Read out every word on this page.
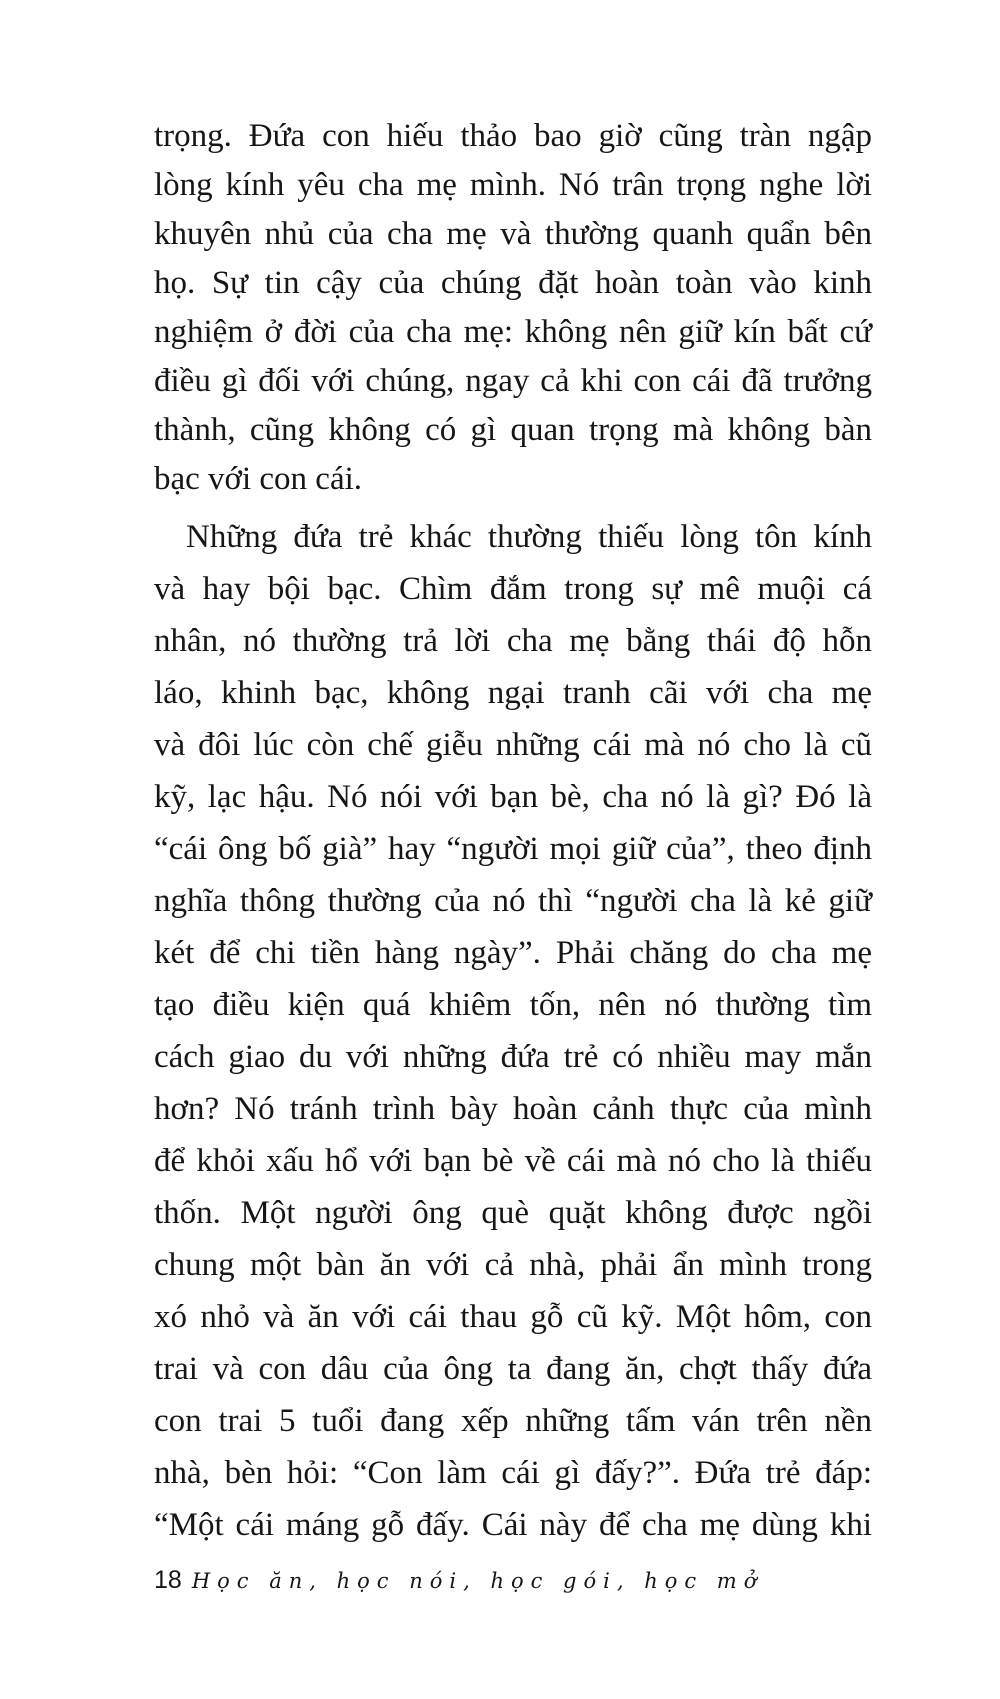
trọng. Đứa con hiếu thảo bao giờ cũng tràn ngập
lòng kính yêu cha mẹ mình. Nó trân trọng nghe lời
khuyên nhủ của cha mẹ và thường quanh quẩn bên
họ. Sự tin cậy của chúng đặt hoàn toàn vào kinh
nghiệm ở đời của cha mẹ: không nên giữ kín bất cứ
điều gì đối với chúng, ngay cả khi con cái đã trưởng
thành, cũng không có gì quan trọng mà không bàn
bạc với con cái.
Những đứa trẻ khác thường thiếu lòng tôn kính
và hay bội bạc. Chìm đắm trong sự mê muội cá
nhân, nó thường trả lời cha mẹ bằng thái độ hỗn
láo, khinh bạc, không ngại tranh cãi với cha mẹ
và đôi lúc còn chế giễu những cái mà nó cho là cũ
kỹ, lạc hậu. Nó nói với bạn bè, cha nó là gì? Đó là
“cái ông bố già” hay “người mọi giữ của”, theo định
nghĩa thông thường của nó thì “người cha là kẻ giữ
két để chi tiền hàng ngày”. Phải chăng do cha mẹ
tạo điều kiện quá khiêm tốn, nên nó thường tìm
cách giao du với những đứa trẻ có nhiều may mắn
hơn? Nó tránh trình bày hoàn cảnh thực của mình
để khỏi xấu hổ với bạn bè về cái mà nó cho là thiếu
thốn. Một người ông què quặt không được ngồi
chung một bàn ăn với cả nhà, phải ẩn mình trong
xó nhỏ và ăn với cái thau gỗ cũ kỹ. Một hôm, con
trai và con dâu của ông ta đang ăn, chợt thấy đứa
con trai 5 tuổi đang xếp những tấm ván trên nền
nhà, bèn hỏi: “Con làm cái gì đấy?”. Đứa trẻ đáp:
“Một cái máng gỗ đấy. Cái này để cha mẹ dùng khi
18 Học ăn, học nói, học gói, học mở
